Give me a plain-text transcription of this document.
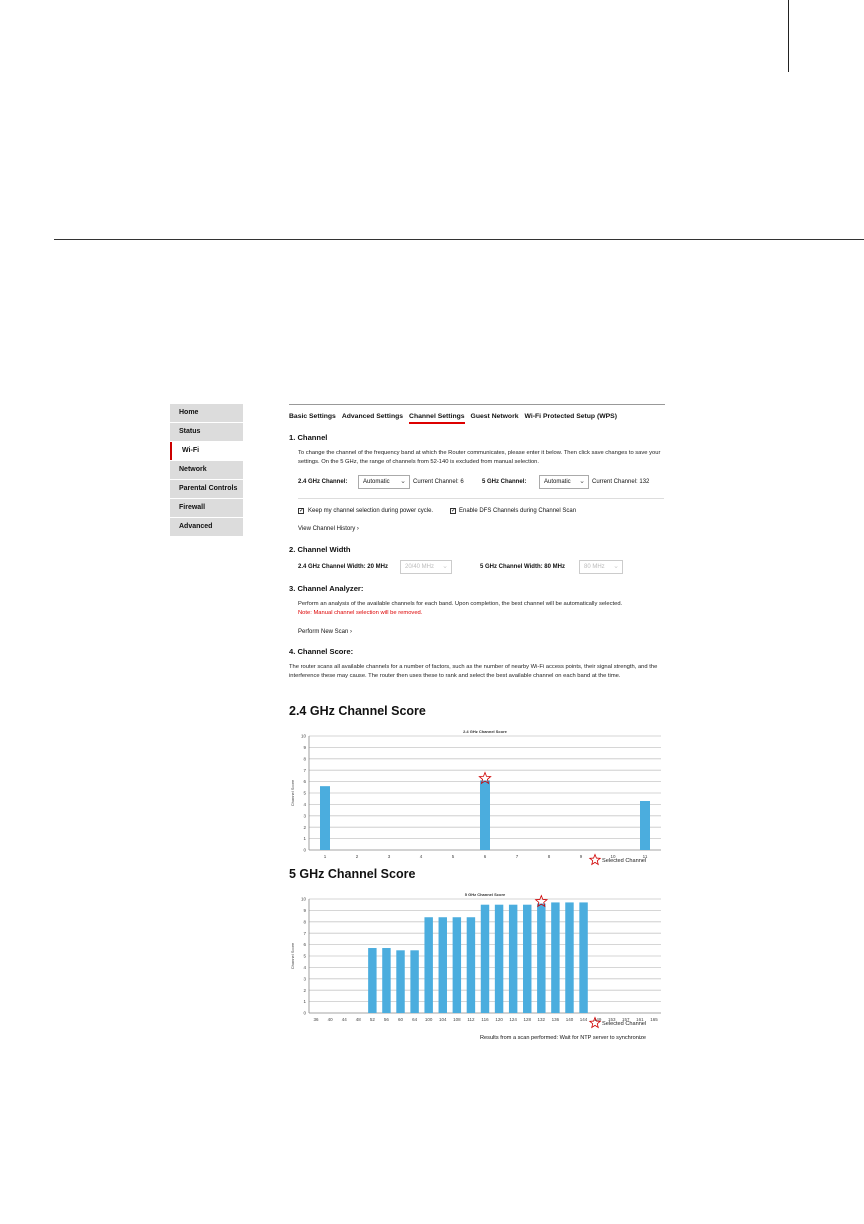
Home
Status
Wi-Fi
Network
Parental Controls
Firewall
Advanced
Basic Settings Advanced Settings Channel Settings Guest Network Wi-Fi Protected Setup (WPS)
1. Channel
To change the channel of the frequency band at which the Router communicates, please enter it below. Then click save changes to save your settings. On the 5 GHz, the range of channels from 52-140 is excluded from manual selection.
2.4 GHz Channel:	Automatic ⌄ Current Channel: 6	5 GHz Channel:	Automatic ⌄ Current Channel: 132
✓ Keep my channel selection during power cycle.	✓ Enable DFS Channels during Channel Scan
View Channel History ›
2. Channel Width
2.4 GHz Channel Width: 20 MHz	20/40 MHz ⌄	5 GHz Channel Width: 80 MHz	80 MHz ⌄
3. Channel Analyzer:
Perform an analysis of the available channels for each band. Upon completion, the best channel will be automatically selected.
Note: Manual channel selection will be removed.
Perform New Scan ›
4. Channel Score:
The router scans all available channels for a number of factors, such as the number of nearby Wi-Fi access points, their signal strength, and the interference these may cause. The router then uses these to rank and select the best available channel on each band at the time.
2.4 GHz Channel Score
2.4 GHz Channel Score
0
1
2
3
4
5
6
7
8
9
10
Channel Score
1	2	3	4	5	6	7	8	9	10	11
Selected Channel
5 GHz Channel Score
5 GHz Channel Score
0
1
2
3
4
5
6
7
8
9
10
Channel Score
36 40 44 48 52 56 60 64 100 104 108 112 116 120 124 128 132 136 140 144 149 153 157 161 165
Selected Channel
Results from a scan performed: Wait for NTP server to synchronize
